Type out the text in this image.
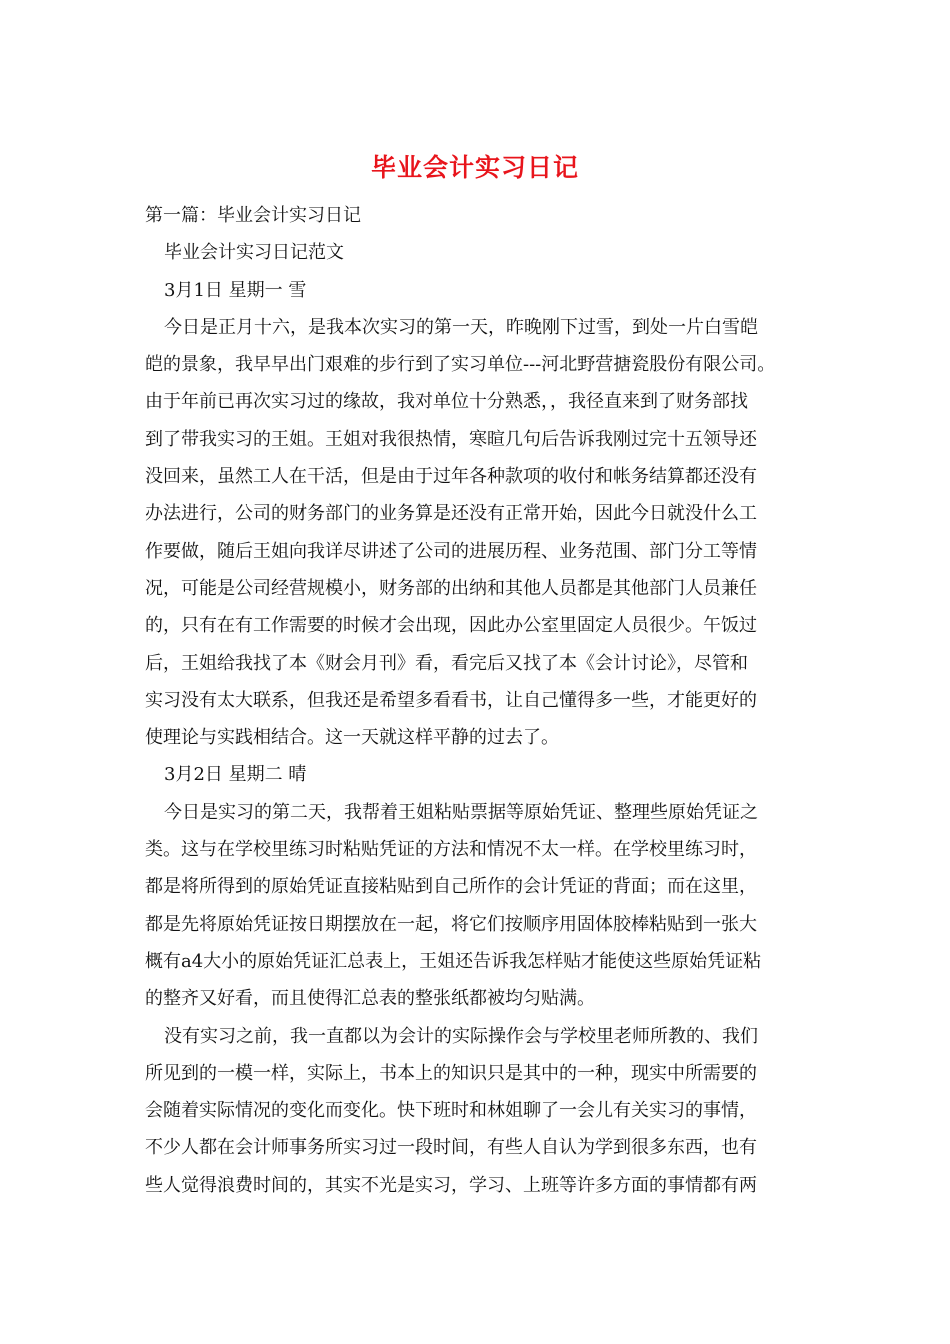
毕业会计实习日记
第一篇：毕业会计实习日记
毕业会计实习日记范文
3月1日 星期一 雪
今日是正月十六，是我本次实习的第一天，昨晚刚下过雪，到处一片白雪皑
皑的景象，我早早出门艰难的步行到了实习单位---河北野营搪瓷股份有限公司。
由于年前已再次实习过的缘故，我对单位十分熟悉，，我径直来到了财务部找
到了带我实习的王姐。王姐对我很热情，寒暄几句后告诉我刚过完十五领导还
没回来，虽然工人在干活，但是由于过年各种款项的收付和帐务结算都还没有
办法进行，公司的财务部门的业务算是还没有正常开始，因此今日就没什么工
作要做，随后王姐向我详尽讲述了公司的进展历程、业务范围、部门分工等情
况，可能是公司经营规模小，财务部的出纳和其他人员都是其他部门人员兼任
的，只有在有工作需要的时候才会出现，因此办公室里固定人员很少。午饭过
后，王姐给我找了本《财会月刊》看，看完后又找了本《会计讨论》，尽管和
实习没有太大联系，但我还是希望多看看书，让自己懂得多一些，才能更好的
使理论与实践相结合。这一天就这样平静的过去了。
3月2日 星期二 晴
今日是实习的第二天，我帮着王姐粘贴票据等原始凭证、整理些原始凭证之
类。这与在学校里练习时粘贴凭证的方法和情况不太一样。在学校里练习时，
都是将所得到的原始凭证直接粘贴到自己所作的会计凭证的背面；而在这里，
都是先将原始凭证按日期摆放在一起，将它们按顺序用固体胶棒粘贴到一张大
概有a4大小的原始凭证汇总表上，王姐还告诉我怎样贴才能使这些原始凭证粘
的整齐又好看，而且使得汇总表的整张纸都被均匀贴满。
没有实习之前，我一直都以为会计的实际操作会与学校里老师所教的、我们
所见到的一模一样，实际上，书本上的知识只是其中的一种，现实中所需要的
会随着实际情况的变化而变化。快下班时和林姐聊了一会儿有关实习的事情，
不少人都在会计师事务所实习过一段时间，有些人自认为学到很多东西，也有
些人觉得浪费时间的，其实不光是实习，学习、上班等许多方面的事情都有两
